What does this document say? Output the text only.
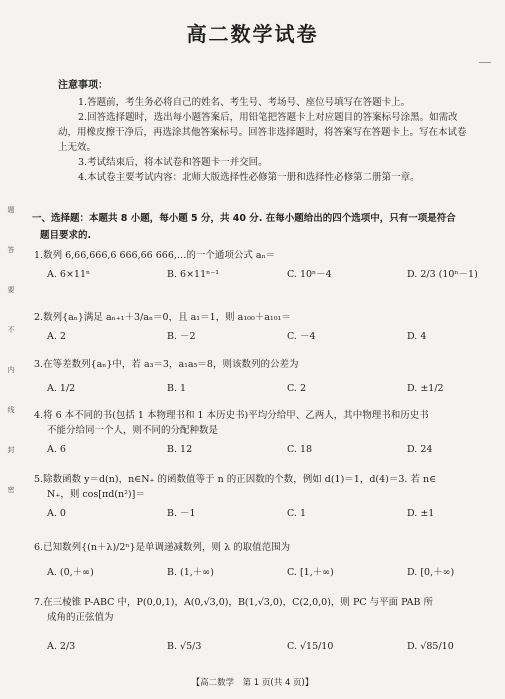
题
答
要
不
内
线
封
密
高二数学试卷
注意事项：

1.答题前，考生务必将自己的姓名、考生号、考场号、座位号填写在答题卡上。

2.回答选择题时，选出每小题答案后，用铅笔把答题卡上对应题目的答案标号涂黑。如需改动，用橡皮擦干净后，再选涂其他答案标号。回答非选择题时，将答案写在答题卡上。写在本试卷上无效。

3.考试结束后，将本试卷和答题卡一并交回。

4.本试卷主要考试内容：北师大版选择性必修第一册和选择性必修第二册第一章。

一、选择题：本题共 8 小题，每小题 5 分，共 40 分. 在每小题给出的四个选项中，只有一项是符合
题目要求的.

1.数列 6,66,666,6 666,66 666,…的一个通项公式 aₙ＝

A. 6×11ⁿ	B. 6×11ⁿ⁻¹	C. 10ⁿ－4	D. 2/3 (10ⁿ－1)

2.数列{aₙ}满足 aₙ₊₁＋3/aₙ＝0，且 a₁＝1，则 a₁₀₀＋a₁₀₁＝

A. 2	B. －2	C. －4	D. 4

3.在等差数列{aₙ}中，若 a₃＝3，a₁a₅＝8，则该数列的公差为

A. 1/2	B. 1	C. 2	D. ±1/2

4.将 6 本不同的书(包括 1 本物理书和 1 本历史书)平均分给甲、乙两人，其中物理书和历史书

不能分给同一个人，则不同的分配种数是

A. 6	B. 12	C. 18	D. 24

5.除数函数 y＝d(n)，n∈N₊ 的函数值等于 n 的正因数的个数，例如 d(1)＝1，d(4)＝3. 若 n∈

N₊，则 cos[πd(n²)]＝

A. 0	B. －1	C. 1	D. ±1

6.已知数列{(n＋λ)/2ⁿ}是单调递减数列，则 λ 的取值范围为

A. (0,＋∞)	B. (1,＋∞)	C. [1,＋∞)	D. [0,＋∞)

7.在三棱锥 P-ABC 中，P(0,0,1)，A(0,√3,0)，B(1,√3,0)，C(2,0,0)，则 PC 与平面 PAB 所

成角的正弦值为

A. 2/3	B. √5/3	C. √15/10	D. √85/10
【高二数学　第 1 页(共 4 页)】
